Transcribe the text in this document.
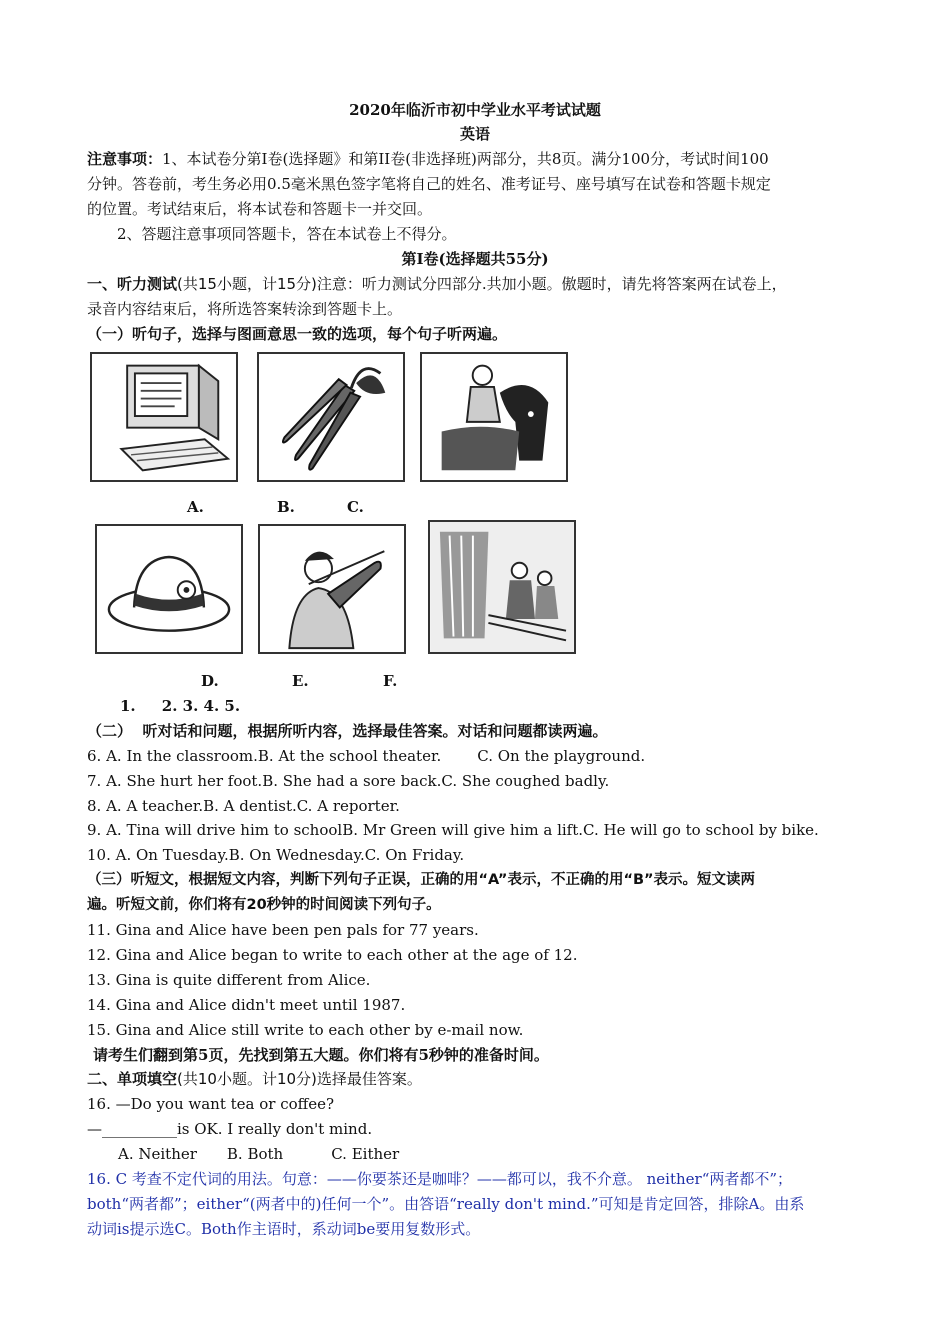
2020年临沂市初中学业水平考试试题
英语
注意事项：1、本试卷分第Ⅰ卷(选择题》和第II卷(非选择班)两部分，共8页。满分100分，考试时间100
分钟。答卷前，考生务必用0.5毫米黑色签字笔将自己的姓名、准考证号、座号填写在试卷和答题卡规定
的位置。考试结束后，将本试卷和答题卡一并交回。
2、答题注意事项同答题卡，答在本试卷上不得分。
第I卷(选择题共55分)
一、听力测试(共15小题，计15分)注意：听力测试分四部分.共加小题。傲题时，请先将答案两在试卷上，
录音内容结束后，将所选答案转涂到答题卡上。
（一）听句子，选择与图画意思一致的选项，每个句子听两遍。
A.	B.	C.
D.	E.	F.
1.     2. 3. 4. 5.
（二）  听对话和问题，根据所听内容，选择最佳答案。对话和问题都读两遍。
6. A. In the classroom.B. At the school theater. C. On the playground.
7. A. She hurt her foot.B. She had a sore back.C. She coughed badly.
8. A. A teacher.B. A dentist.C. A reporter.
9. A. Tina will drive him to schoolB. Mr Green will give him a lift.C. He will go to school by bike.
10. A. On Tuesday.B. On Wednesday.C. On Friday.
（三）听短文，根据短文内容，判断下列句子正误，正确的用“A”表示，不正确的用“B”表示。短文读两
遍。听短文前，你们将有20秒钟的时间阅读下列句子。
11. Gina and Alice have been pen pals for 77 years.
12. Gina and Alice began to write to each other at the age of 12.
13. Gina is quite different from Alice.
14. Gina and Alice didn't meet until 1987.
15. Gina and Alice still write to each other by e-mail now.
请考生们翻到第5页，先找到第五大题。你们将有5秒钟的准备时间。
二、单项填空(共10小题。计10分)选择最佳答案。
16. —Do you want tea or coffee?
—__________is OK. I really don't mind.
A. Neither B. Both	C. Either
16. C 考查不定代词的用法。句意：——你要茶还是咖啡？——都可以，我不介意。 neither“两者都不”；
both“两者都”；either“(两者中的)任何一个”。由答语“really don't mind.”可知是肯定回答，排除A。由系
动词is提示选C。Both作主语时，系动词be要用复数形式。
